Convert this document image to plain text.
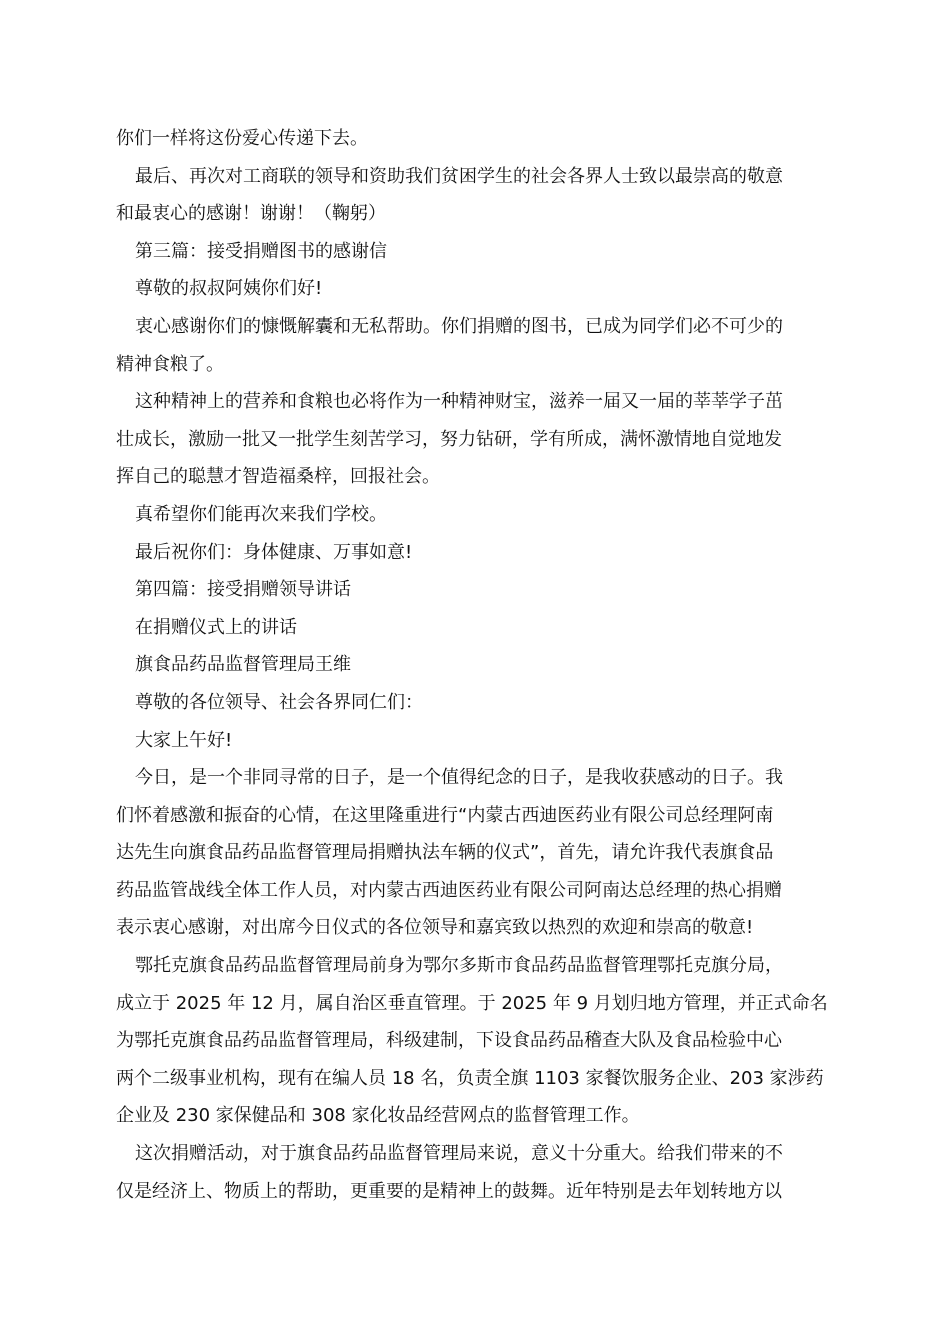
你们一样将这份爱心传递下去。

最后、再次对工商联的领导和资助我们贫困学生的社会各界人士致以最崇高的敬意

和最衷心的感谢！谢谢！（鞠躬）

第三篇：接受捐赠图书的感谢信

尊敬的叔叔阿姨你们好!

衷心感谢你们的慷慨解囊和无私帮助。你们捐赠的图书，已成为同学们必不可少的

精神食粮了。

这种精神上的营养和食粮也必将作为一种精神财宝，滋养一届又一届的莘莘学子茁

壮成长，激励一批又一批学生刻苦学习，努力钻研，学有所成，满怀激情地自觉地发

挥自己的聪慧才智造福桑梓，回报社会。

真希望你们能再次来我们学校。

最后祝你们：身体健康、万事如意!

第四篇：接受捐赠领导讲话

在捐赠仪式上的讲话

旗食品药品监督管理局王维

尊敬的各位领导、社会各界同仁们：

大家上午好!

今日，是一个非同寻常的日子，是一个值得纪念的日子，是我收获感动的日子。我

们怀着感激和振奋的心情，在这里隆重进行“内蒙古西迪医药业有限公司总经理阿南

达先生向旗食品药品监督管理局捐赠执法车辆的仪式”，首先，请允许我代表旗食品

药品监管战线全体工作人员，对内蒙古西迪医药业有限公司阿南达总经理的热心捐赠

表示衷心感谢，对出席今日仪式的各位领导和嘉宾致以热烈的欢迎和崇高的敬意!

鄂托克旗食品药品监督管理局前身为鄂尔多斯市食品药品监督管理鄂托克旗分局，

成立于 2025 年 12 月，属自治区垂直管理。于 2025 年 9 月划归地方管理，并正式命名

为鄂托克旗食品药品监督管理局，科级建制，下设食品药品稽查大队及食品检验中心

两个二级事业机构，现有在编人员 18 名，负责全旗 1103 家餐饮服务企业、203 家涉药

企业及 230 家保健品和 308 家化妆品经营网点的监督管理工作。

这次捐赠活动，对于旗食品药品监督管理局来说，意义十分重大。给我们带来的不

仅是经济上、物质上的帮助，更重要的是精神上的鼓舞。近年特别是去年划转地方以
